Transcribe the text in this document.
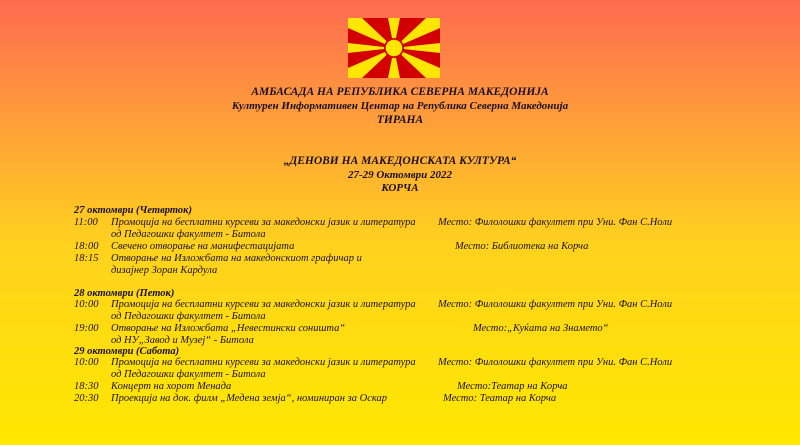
АМБАСАДА НА РЕПУБЛИКА СЕВЕРНА МАКЕДОНИЈА
Културен Информативен Центар на Република Северна Македонија
ТИРАНА
„ДЕНОВИ НА МАКЕДОНСКАТА КУЛТУРА“
27-29 Октомври 2022
КОРЧА
27 октомври (Четврток)
11:00 Промоција на бесплатни курсеви за македонски јазик и литература
од Педагошки факултет - Битола
Место: Филолошки факултет при Уни. Фан С.Ноли
18:00 Свечено отворање на манифестацијата	Место: Библиотека на Корча
18:15 Отворање на Изложбата на македонскиот графичар и
дизајнер Зоран Кардула
28 октомври (Петок)
10:00 Промоција на бесплатни курсеви за македонски јазик и литература
од Педагошки факултет - Битола
Место: Филолошки факултет при Уни. Фан С.Ноли
19:00 Отворање на Изложбата „Невестински соништа“
од НУ„Завод и Музеј“ - Битола
Место:„Куќата на Знамето“
29 октомври (Сабота)
10:00 Промоција на бесплатни курсеви за македонски јазик и литература
од Педагошки факултет - Битола
Место: Филолошки факултет при Уни. Фан С.Ноли
18:30 Концерт на хорот Менада	Место:Театар на Корча
20:30 Проекција на док. филм „Медена земја“, номиниран за Оскар	Место: Театар на Корча
